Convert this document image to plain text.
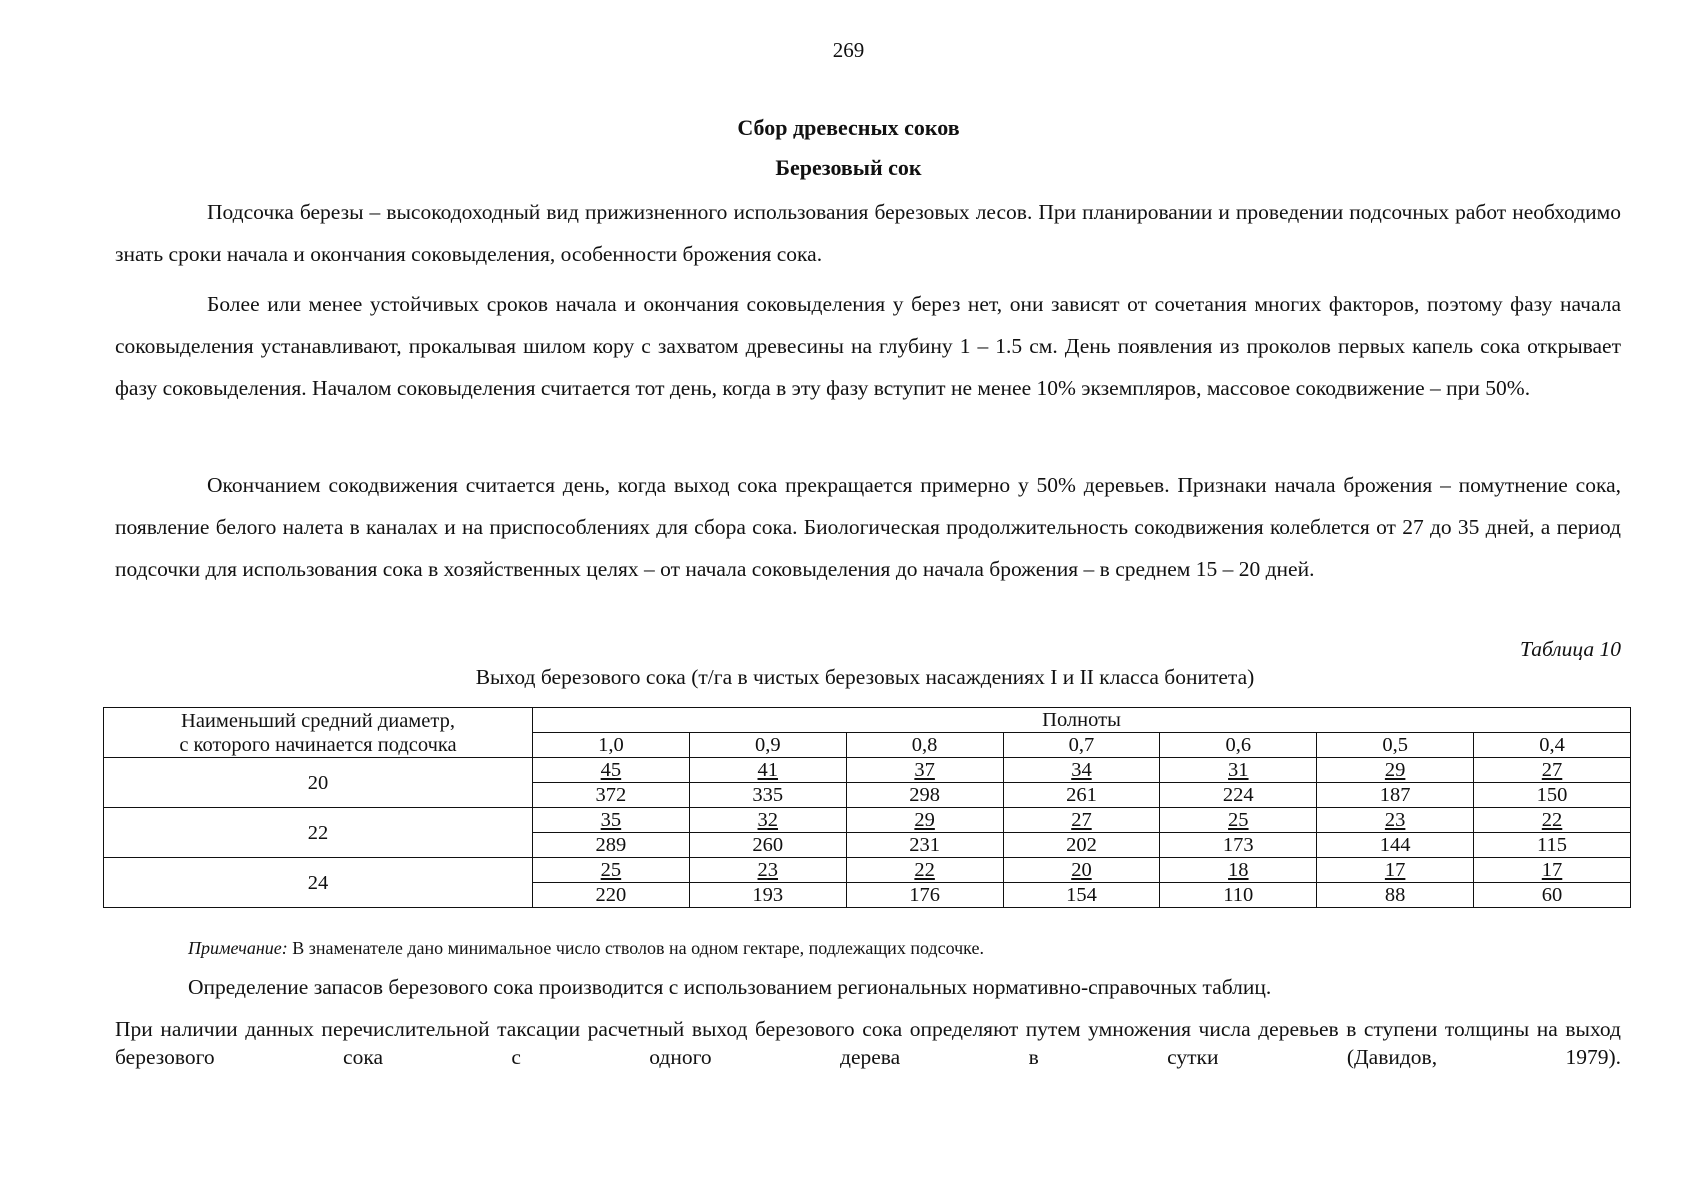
269
Сбор древесных соков
Березовый сок

Подсочка березы – высокодоходный вид прижизненного использования березовых лесов. При планировании и проведении подсочных работ необходимо знать сроки начала и окончания соковыделения, особенности брожения сока.

Более или менее устойчивых сроков начала и окончания соковыделения у берез нет, они зависят от сочетания многих факторов, поэтому фазу начала соковыделения устанавливают, прокалывая шилом кору с захватом древесины на глубину 1 – 1.5 см. День появления из проколов первых капель сока открывает фазу соковыделения. Началом соковыделения считается тот день, когда в эту фазу вступит не менее 10% экземпляров, массовое сокодвижение – при 50%.

Окончанием сокодвижения считается день, когда выход сока прекращается примерно у 50% деревьев. Признаки начала брожения – помутнение сока, появление белого налета в каналах и на приспособлениях для сбора сока. Биологическая продолжительность сокодвижения колеблется от 27 до 35 дней, а период подсочки для использования сока в хозяйственных целях – от начала соковыделения до начала брожения – в среднем 15 – 20 дней.

Таблица 10
Выход березового сока (т/га в чистых березовых насаждениях I и II класса бонитета)
Наименьший средний диаметр,
с которого начинается подсочка	Полноты						
	1,0	0,9	0,8	0,7	0,6	0,5	0,4
20	45	41	37	34	31	29	27
	372	335	298	261	224	187	150
22	35	32	29	27	25	23	22
	289	260	231	202	173	144	115
24	25	23	22	20	18	17	17
	220	193	176	154	110	88	60
Примечание: В знаменателе дано минимальное число стволов на одном гектаре, подлежащих подсочке.
Определение запасов березового сока производится с использованием региональных нормативно-справочных таблиц.

При наличии данных перечислительной таксации расчетный выход березового сока определяют путем умножения числа деревьев в ступени толщины на выход березового сока с одного дерева в сутки (Давидов, 1979).
